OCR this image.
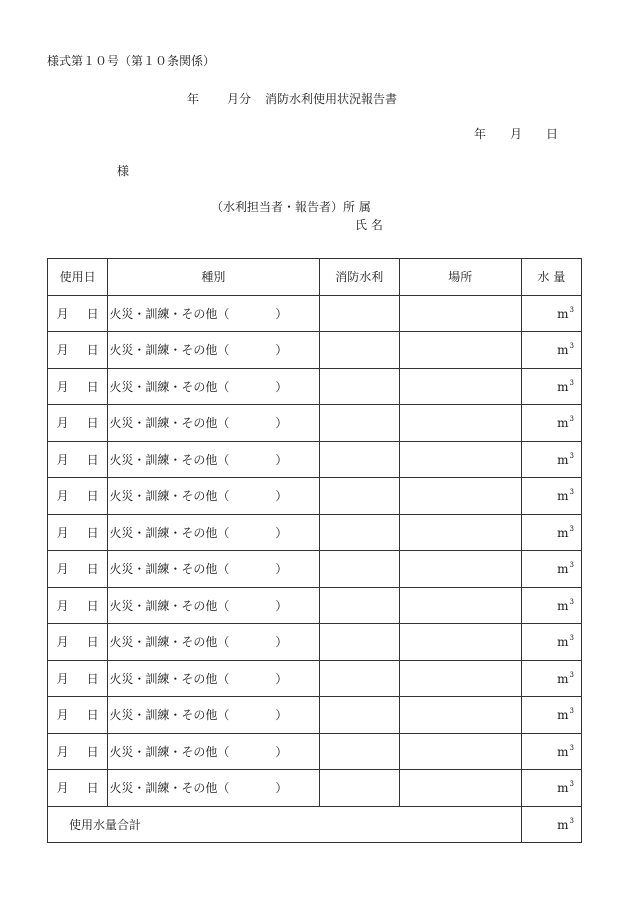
様式第１０号（第１０条関係）
年 月分 消防水利使用状況報告書
年 月 日
様
（水利担当者・報告者）所 属
氏 名
使用日	種別	消防水利	場所	水 量
月 日	火災・訓練・その他（ ）			$m^3$
月 日	火災・訓練・その他（ ）			$m^3$
月 日	火災・訓練・その他（ ）			$m^3$
月 日	火災・訓練・その他（ ）			$m^3$
月 日	火災・訓練・その他（ ）			$m^3$
月 日	火災・訓練・その他（ ）			$m^3$
月 日	火災・訓練・その他（ ）			$m^3$
月 日	火災・訓練・その他（ ）			$m^3$
月 日	火災・訓練・その他（ ）			$m^3$
月 日	火災・訓練・その他（ ）			$m^3$
月 日	火災・訓練・その他（ ）			$m^3$
月 日	火災・訓練・その他（ ）			$m^3$
月 日	火災・訓練・その他（ ）			$m^3$
月 日	火災・訓練・その他（ ）			$m^3$
使用水量合計				$m^3$
